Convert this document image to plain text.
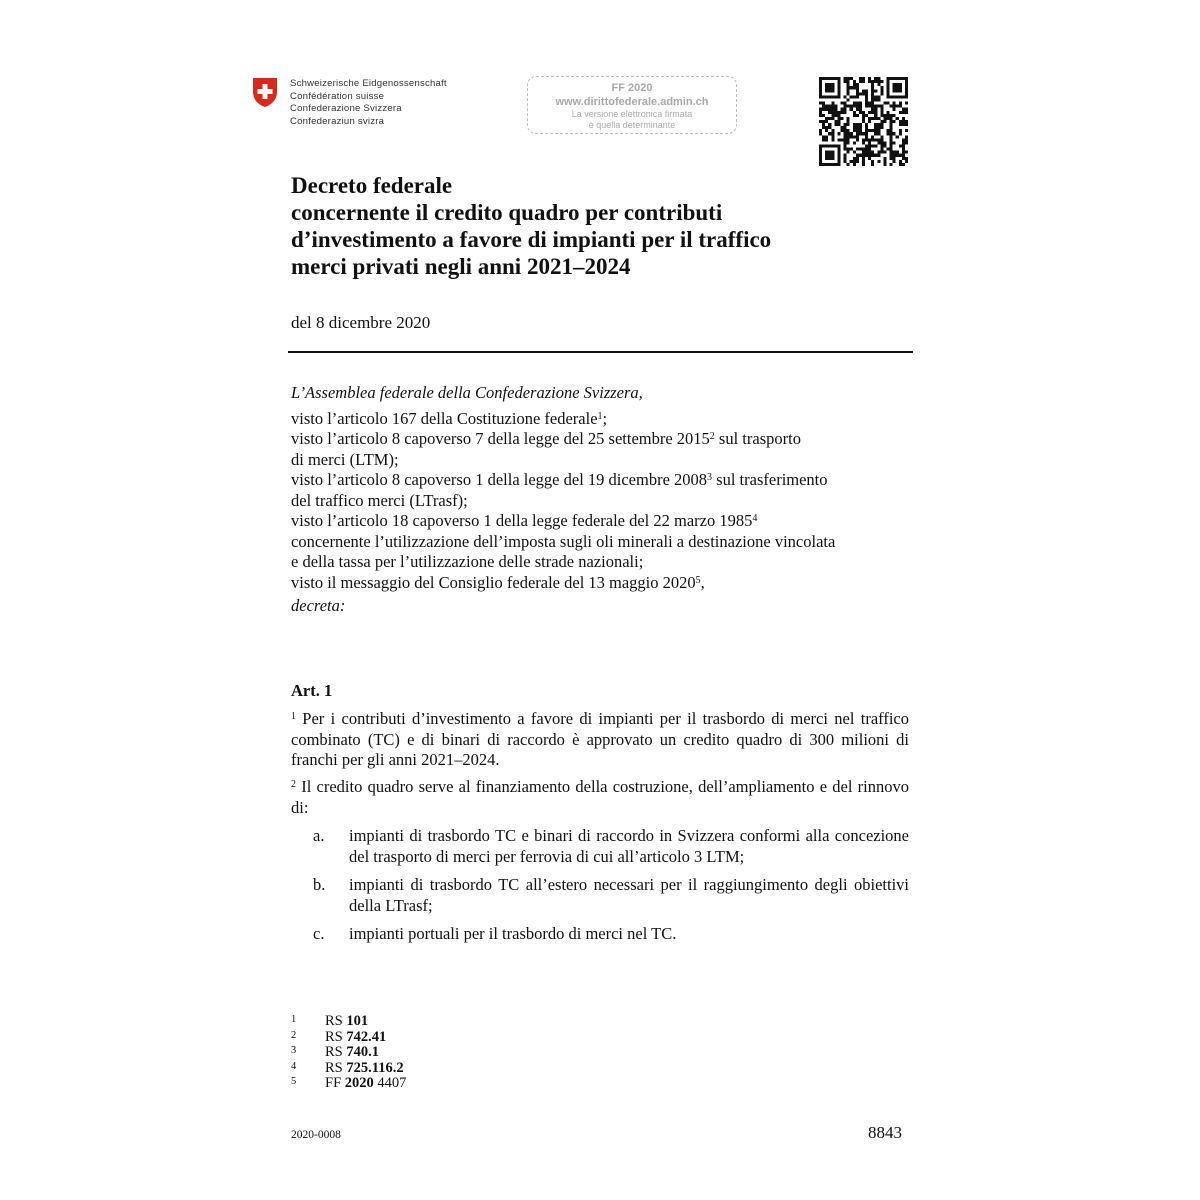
Schweizerische Eidgenossenschaft
Confédération suisse
Confederazione Svizzera
Confederaziun svizra
FF 2020
www.dirittofederale.admin.ch
La versione elettronica firmata
è quella determinante
Decreto federale
concernente il credito quadro per contributi
d’investimento a favore di impianti per il traffico
merci privati negli anni 2021–2024
del 8 dicembre 2020
L’Assemblea federale della Confederazione Svizzera,
visto l’articolo 167 della Costituzione federale$^1$;
visto l’articolo 8 capoverso 7 della legge del 25 settembre 2015$^2$ sul trasporto
di merci (LTM);
visto l’articolo 8 capoverso 1 della legge del 19 dicembre 2008$^3$ sul trasferimento
del traffico merci (LTrasf);
visto l’articolo 18 capoverso 1 della legge federale del 22 marzo 1985$^4$
concernente l’utilizzazione dell’imposta sugli oli minerali a destinazione vincolata
e della tassa per l’utilizzazione delle strade nazionali;
visto il messaggio del Consiglio federale del 13 maggio 2020$^5$,
decreta:
Art. 1
$^1$ Per i contributi d’investimento a favore di impianti per il trasbordo di merci nel traffico combinato (TC) e di binari di raccordo è approvato un credito quadro di 300 milioni di franchi per gli anni 2021–2024.
$^2$ Il credito quadro serve al finanziamento della costruzione, dell’ampliamento e del rinnovo di:
a. impianti di trasbordo TC e binari di raccordo in Svizzera conformi alla concezione del trasporto di merci per ferrovia di cui all’articolo 3 LTM;
b. impianti di trasbordo TC all’estero necessari per il raggiungimento degli obiettivi della LTrasf;
c. impianti portuali per il trasbordo di merci nel TC.
1 RS 101
2 RS 742.41
3 RS 740.1
4 RS 725.116.2
5 FF 2020 4407
2020-0008	8843
